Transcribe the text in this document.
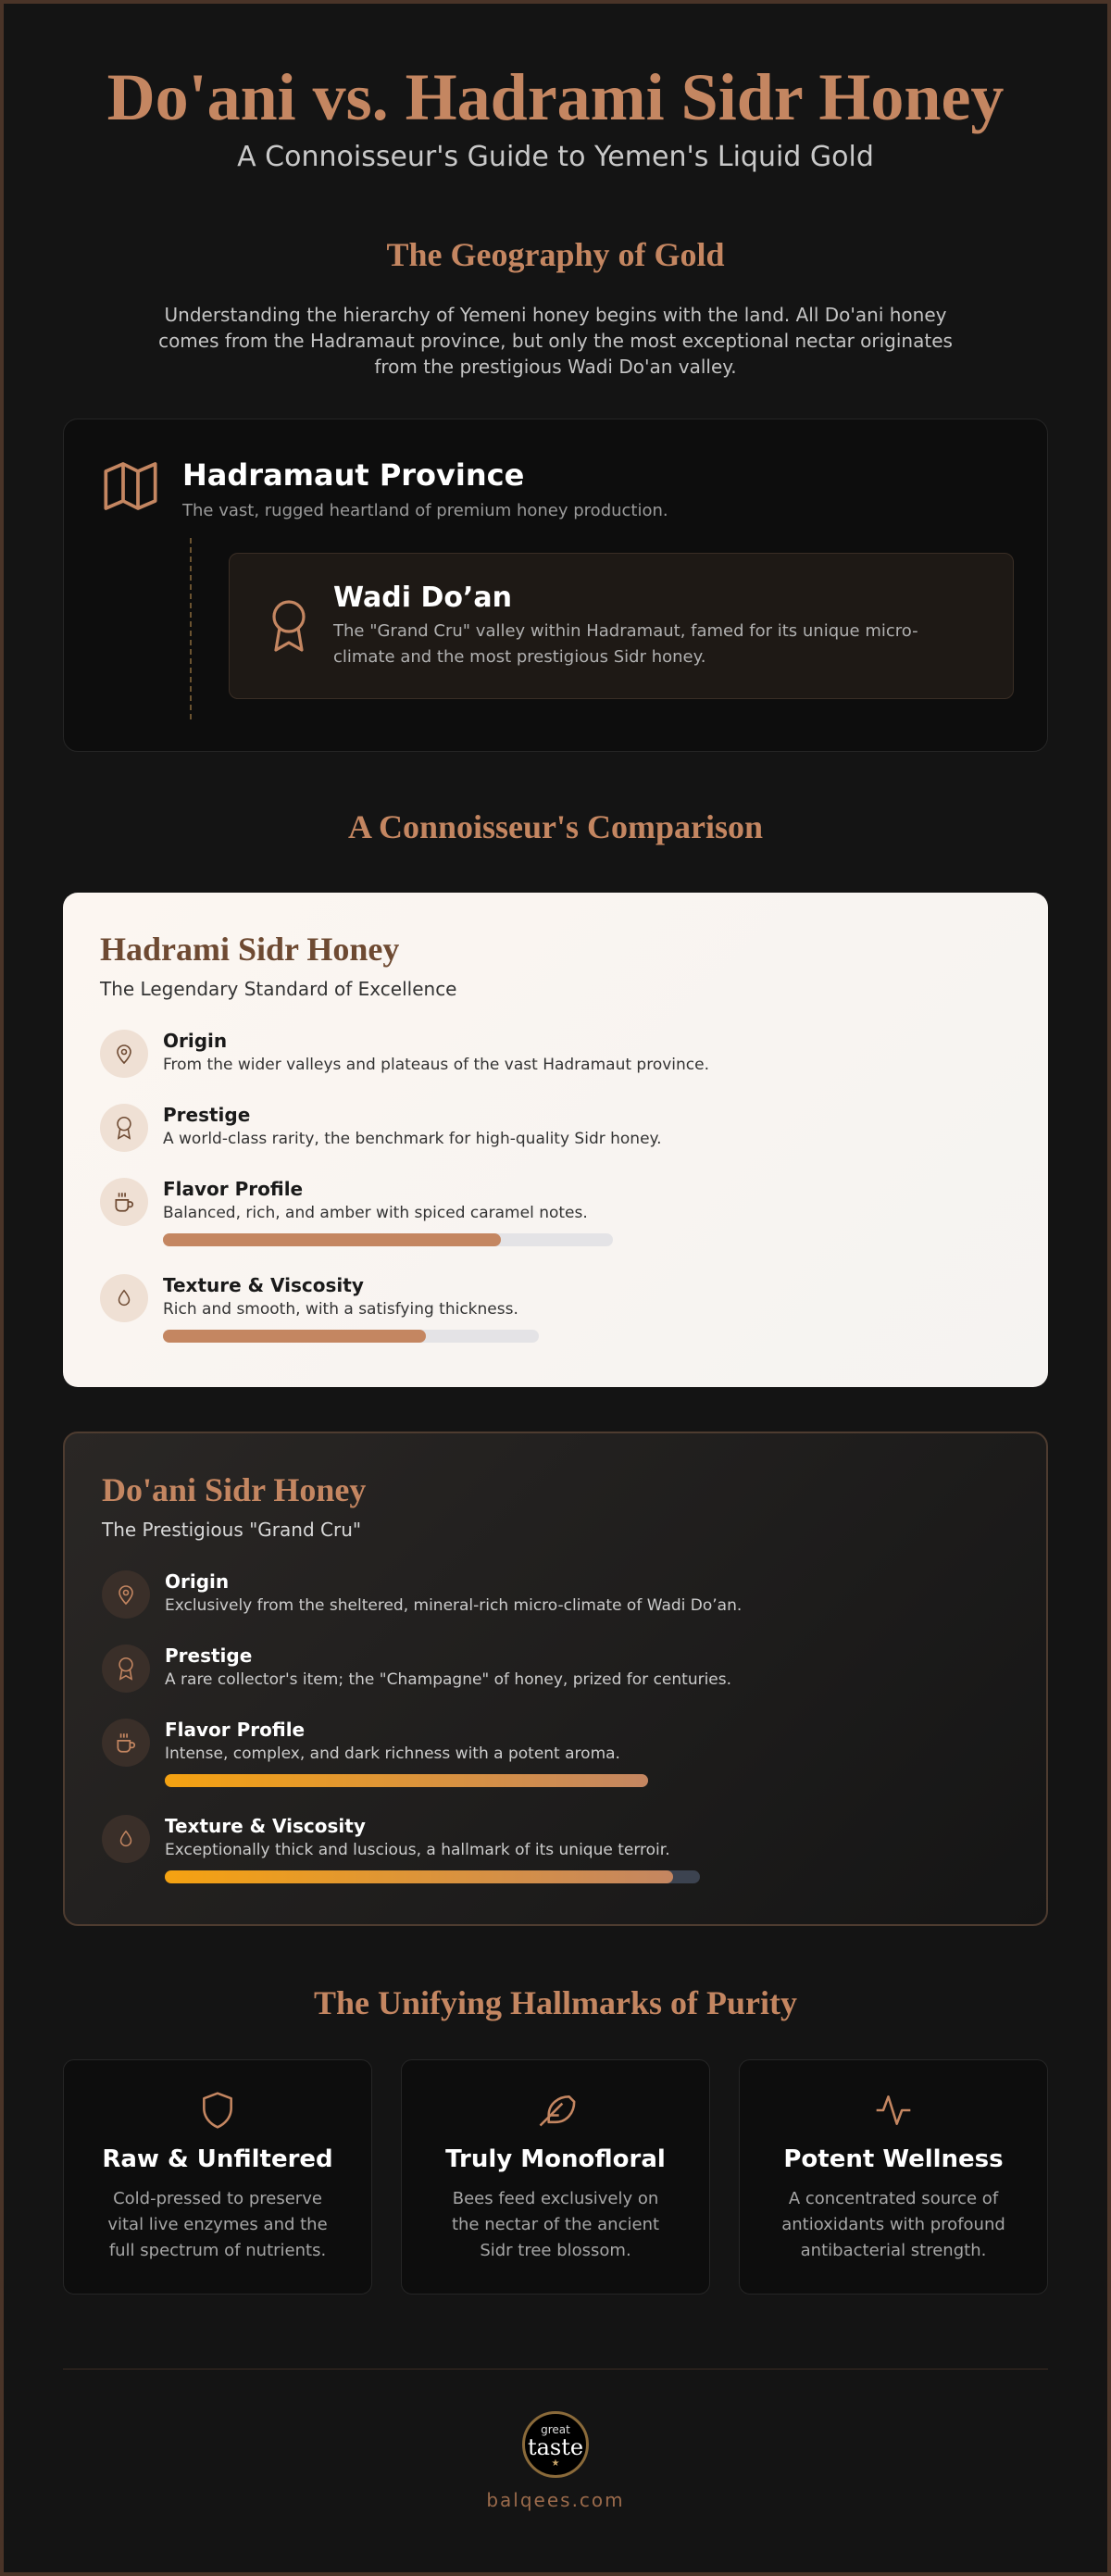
Do'ani vs. Hadrami Sidr Honey
A Connoisseur's Guide to Yemen's Liquid Gold
The Geography of Gold

Understanding the hierarchy of Yemeni honey begins with the land. All Do'ani honey comes from the Hadramaut province, but only the most exceptional nectar originates from the prestigious Wadi Do'an valley.

Hadramaut Province
The vast, rugged heartland of premium honey production.
Wadi Do’an
The "Grand Cru" valley within Hadramaut, famed for its unique micro-climate and the most prestigious Sidr honey.
A Connoisseur's Comparison
Hadrami Sidr Honey
The Legendary Standard of Excellence
Origin
From the wider valleys and plateaus of the vast Hadramaut province.
Prestige
A world-class rarity, the benchmark for high-quality Sidr honey.
Flavor Profile
Balanced, rich, and amber with spiced caramel notes.
Texture & Viscosity
Rich and smooth, with a satisfying thickness.
Do'ani Sidr Honey
The Prestigious "Grand Cru"
Origin
Exclusively from the sheltered, mineral-rich micro-climate of Wadi Do’an.
Prestige
A rare collector's item; the "Champagne" of honey, prized for centuries.
Flavor Profile
Intense, complex, and dark richness with a potent aroma.
Texture & Viscosity
Exceptionally thick and luscious, a hallmark of its unique terroir.
The Unifying Hallmarks of Purity
Raw & Unfiltered
Cold-pressed to preserve vital live enzymes and the full spectrum of nutrients.
Truly Monofloral
Bees feed exclusively on the nectar of the ancient Sidr tree blossom.
Potent Wellness
A concentrated source of antioxidants with profound antibacterial strength.
great
taste
★
balqees.com
